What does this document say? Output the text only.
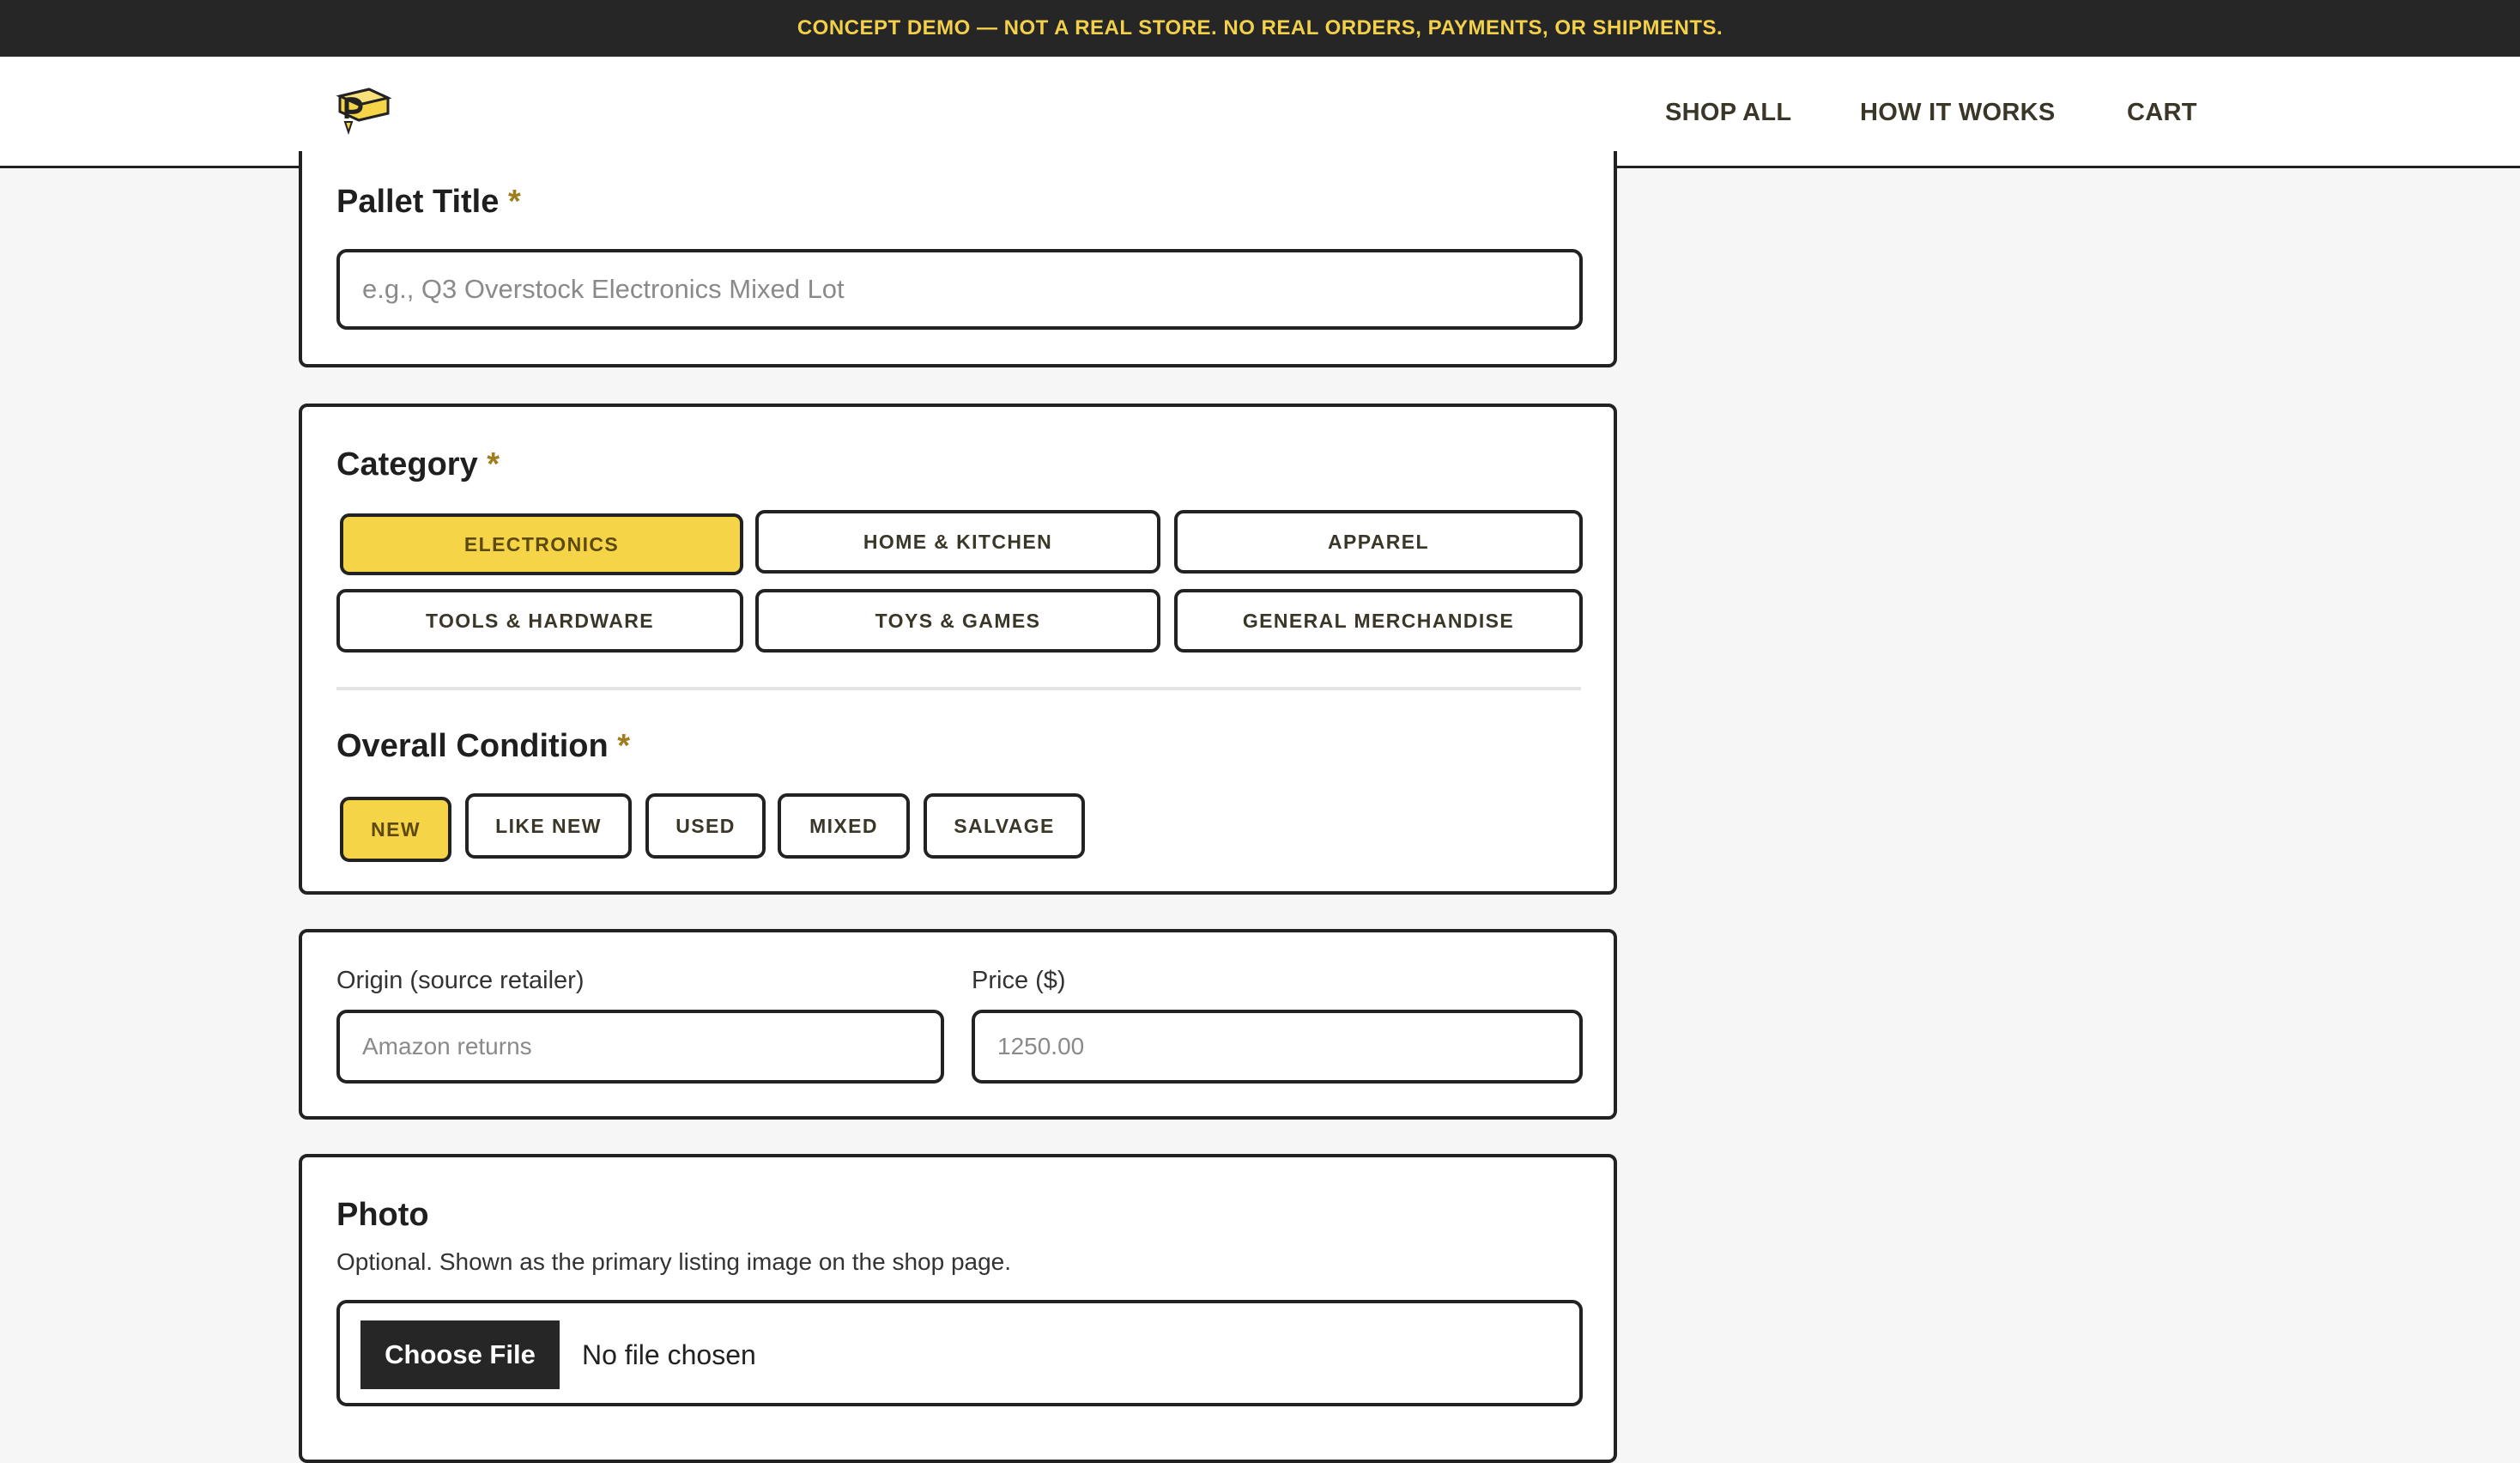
CONCEPT DEMO — NOT A REAL STORE. NO REAL ORDERS, PAYMENTS, OR SHIPMENTS.
SHOP ALL	HOW IT WORKS	CART
Pallet Title *
e.g., Q3 Overstock Electronics Mixed Lot
Category *
ELECTRONICS	HOME & KITCHEN	APPAREL
TOOLS & HARDWARE	TOYS & GAMES	GENERAL MERCHANDISE
Overall Condition *
NEW	LIKE NEW	USED	MIXED	SALVAGE
Origin (source retailer)
Amazon returns
Price ($)
1250.00
Photo
Optional. Shown as the primary listing image on the shop page.
Choose File	No file chosen
